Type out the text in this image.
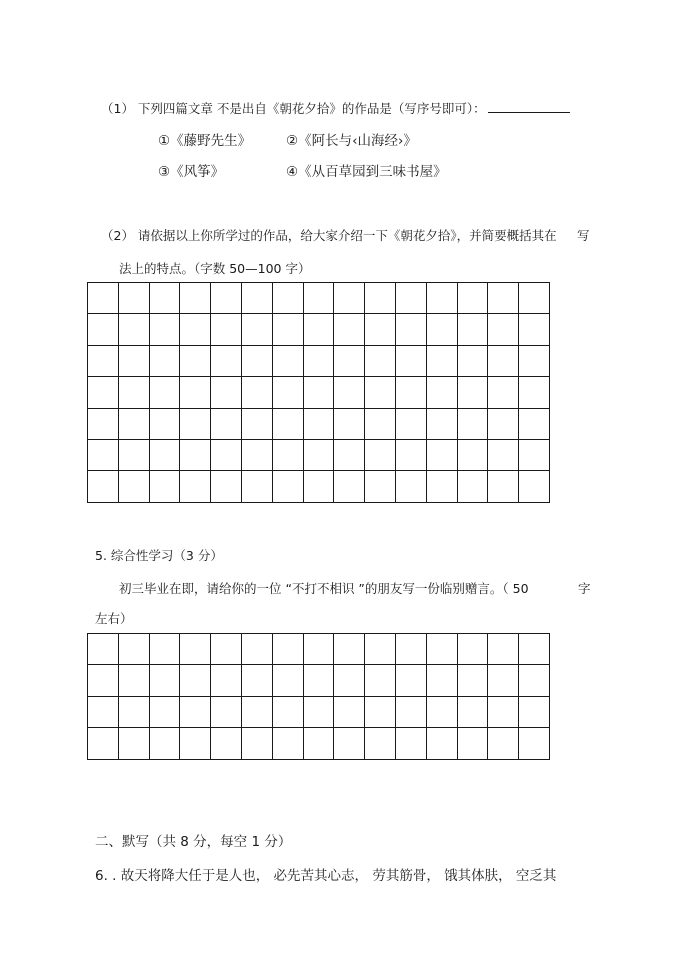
（1） 下列四篇文章 不是出自《朝花夕拾》的作品是（写序号即可）：
①《藤野先生》	②《阿长与‹山海经›》
③《风筝》	④《从百草园到三味书屋》
（2） 请依据以上你所学过的作品，给大家介绍一下《朝花夕拾》，并简要概括其在 写
法上的特点。（字数 50—100 字）

5. 综合性学习（3 分）
初三毕业在即，请给你的一位 “不打不相识 ”的朋友写一份临别赠言。（ 50	字
左右）

二、默写（共 8 分，每空 1 分）
6. . 故天将降大任于是人也， 必先苦其心志， 劳其筋骨， 饿其体肤， 空乏其
